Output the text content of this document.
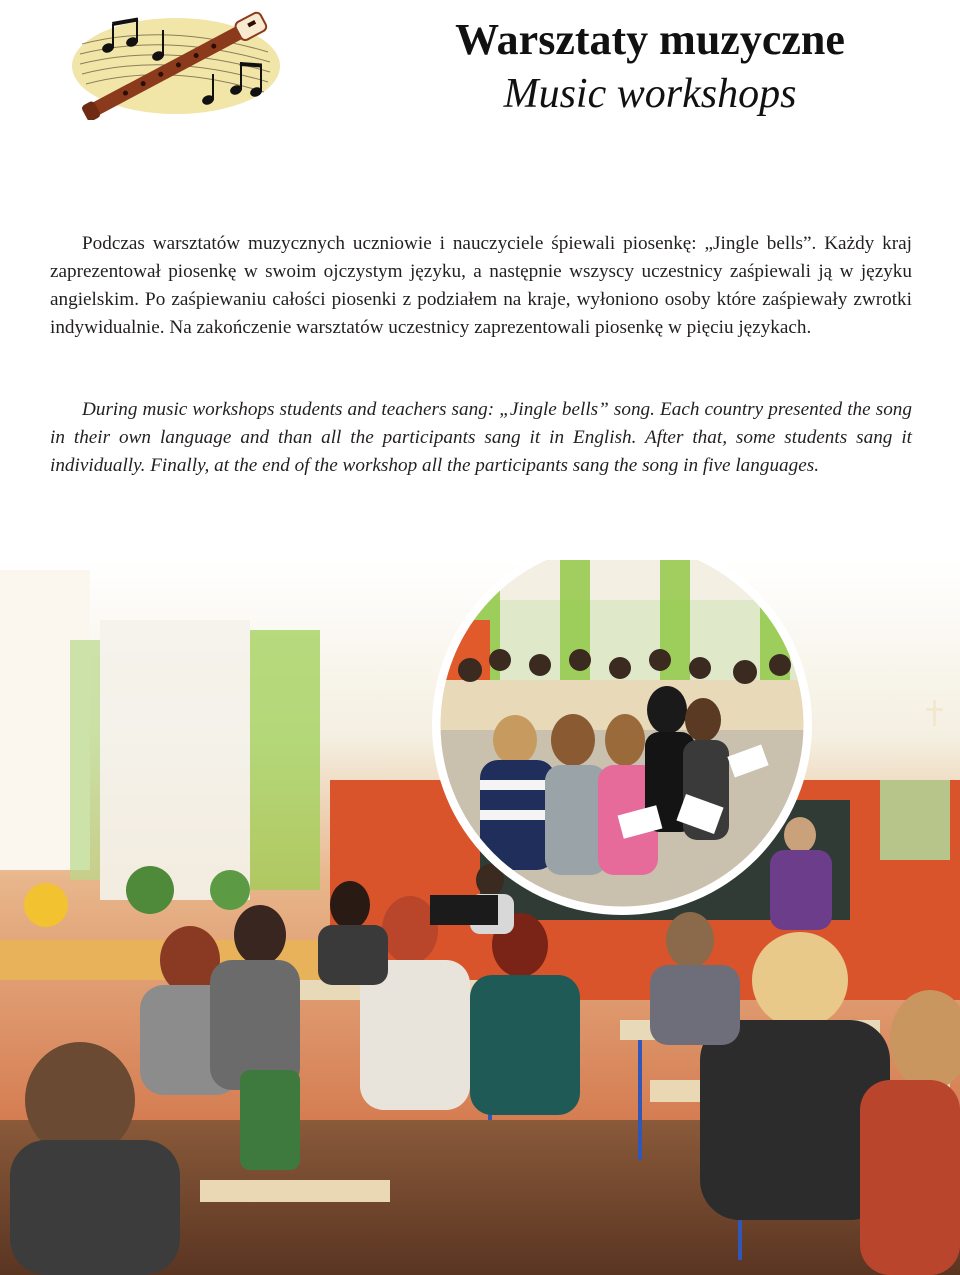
Warsztaty muzyczne
Music workshops

Podczas warsztatów muzycznych uczniowie i nauczyciele śpiewali piosenkę: „Jingle bells”. Każdy kraj zaprezentował piosenkę w swoim ojczystym języku, a następnie wszyscy uczestnicy zaśpiewali ją w języku angielskim. Po zaśpiewaniu całości piosenki z podziałem na kraje, wyłoniono osoby które zaśpiewały zwrotki indywidualnie. Na zakończenie warsztatów uczestnicy zaprezentowali piosenkę w pięciu językach.

During music workshops students and teachers sang: „Jingle bells” song. Each country presented the song in their own language and than all the participants sang it in English. After that, some students sang it individually. Finally, at the end of the workshop all the participants sang the song in five languages.
